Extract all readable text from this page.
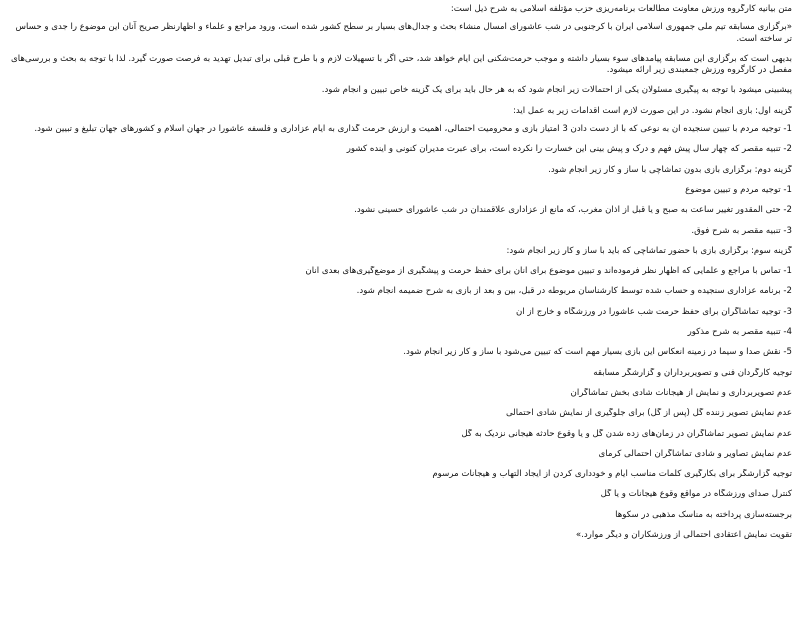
متن بیانیه کارگروه ورزش معاونت مطالعات برنامه‌ریزی حزب مؤتلفه اسلامی به شرح ذیل است:

«برگزاری مسابقه تیم ملی جمهوری اسلامی ایران با کرجنوبی در شب عاشورای امسال منشاء بحث و جدال‌های بسیار بر سطح کشور شده است، ورود مراجع و علماء و اظهارنظر صریح آنان این موضوع را جدی و حساس تر ساخته است.

بدیهی است که برگزاری این مسابقه پیامدهای سوء بسیار داشته و موجب حرمت‌شکنی این ایام خواهد شد، حتی اگر با تسهیلات لازم و با طرح قبلی برای تبدیل تهدید به فرصت صورت گیرد. لذا با توجه به بحث و بررسی‌های مفصل در کارگروه ورزش جمعبندی زیر ارائه میشود.

پیشبینی میشود با توجه به پیگیری مسئولان یکی از احتمالات زیر انجام شود که به هر حال باید برای یک گزینه خاص تبیین و انجام شود.

گزینه اول: بازی انجام نشود. در این صورت لازم است اقدامات زیر به عمل آید:

1- توجیه مردم با تبیین سنجیده آن به نوعی که با از دست دادن 3 امتیاز بازی و محرومیت احتمالی، اهمیت و ارزش حرمت گذاری به ایام عزاداری و فلسفه عاشورا در جهان اسلام و کشورهای جهان تبلیغ و تبیین شود.

2- تنبیه مقصر که چهار سال پیش فهم و درک و پیش بینی این خسارت را نکرده است، برای عبرت مدیران کنونی و آینده کشور

گزینه دوم: برگزاری بازی بدون تماشاچی با ساز و کار زیر انجام شود.

1- توجیه مردم و تبیین موضوع

2- حتی المقدور تغییر ساعت به صبح و یا قبل از اذان مغرب، که مانع از عزاداری علاقمندان در شب عاشورای حسینی نشود.

3- تنبیه مقصر به شرح فوق.

گزینه سوم: برگزاری بازی با حضور تماشاچی که باید با ساز و کار زیر انجام شود:

1- تماس با مراجع و علمایی که اظهار نظر فرموده‌اند و تبیین موضوع برای آنان برای حفظ حرمت و پیشگیری از موضع‌گیری‌های بعدی آنان

2- برنامه عزاداری سنجیده و حساب شده توسط کارشناسان مربوطه در قبل، بین و بعد از بازی به شرح ضمیمه انجام شود.

3- توجیه تماشاگران برای حفظ حرمت شب عاشورا در ورزشگاه و خارج از آن

4- تنبیه مقصر به شرح مذکور

5- نقش صدا و سیما در زمینه انعکاس این بازی بسیار مهم است که تبیین می‌شود با ساز و کار زیر انجام شود.

توجیه کارگردان فنی و تصویربرداران و گزارشگر مسابقه

عدم تصویربرداری و نمایش از هیجانات شادی بخش تماشاگران

عدم نمایش تصویر زننده گل (پس از گل) برای جلوگیری از نمایش شادی احتمالی

عدم نمایش تصویر تماشاگران در زمان‌های زده شدن گل و یا وقوع حادثه هیجانی نزدیک به گل

عدم نمایش تصاویر و شادی تماشاگران احتمالی کرمای

توجیه گزارشگر برای بکارگیری کلمات مناسب ایام و خودداری کردن از ایجاد التهاب و هیجانات مرسوم

کنترل صدای ورزشگاه در مواقع وقوع هیجانات و یا گل

برجسته‌سازی پرداخته به مناسک مذهبی در سکوها

تقویت نمایش اعتقادی احتمالی از ورزشکاران و دیگر موارد.»
